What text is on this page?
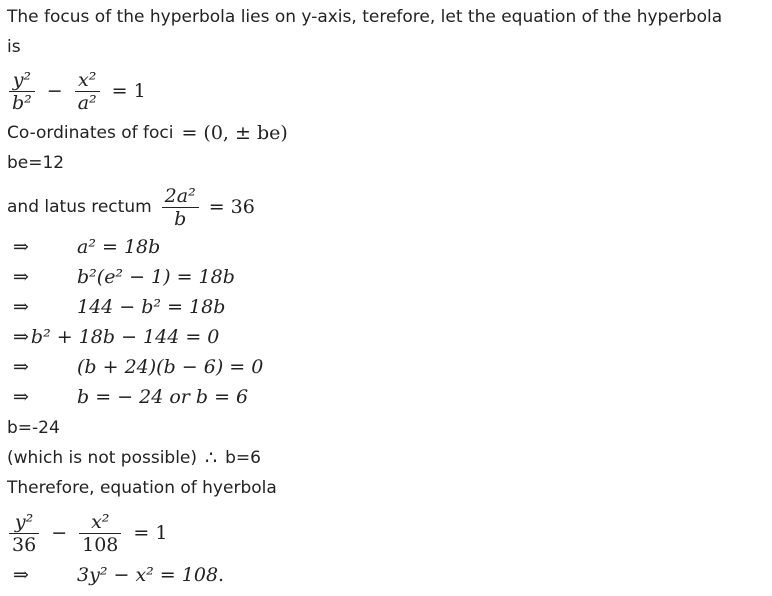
The focus of the hyperbola lies on y-axis, terefore, let the equation of the hyperbola
is
$\frac{\text{y²}}{\text{b²}} - \frac{\text{x²}}{\text{a²}} = 1$
Co-ordinates of foci = (0, ± be)
be=12
and latus rectum $\frac{\text{2a²}}{b} = 36$
⇒	a² = 18b
⇒	b²(e² − 1) = 18b
⇒	144 − b² = 18b
⇒ b² + 18b − 144 = 0
⇒	(b + 24)(b − 6) = 0
⇒	b = − 24 or b = 6
b=-24
(which is not possible) ∴ b=6
Therefore, equation of hyerbola
$\frac{\text{y²}}{36} - \frac{\text{x²}}{108} = 1$
⇒	3y² − x² = 108.
